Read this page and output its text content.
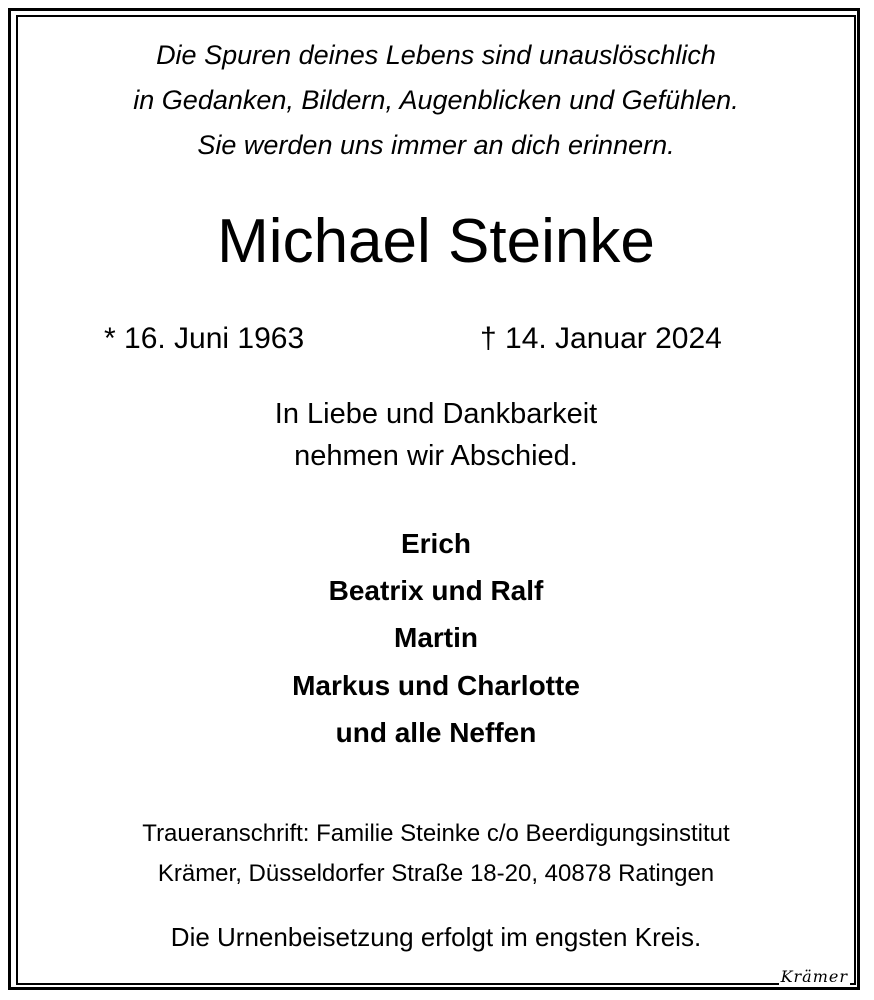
Die Spuren deines Lebens sind unauslöschlich
in Gedanken, Bildern, Augenblicken und Gefühlen.
Sie werden uns immer an dich erinnern.
Michael Steinke
* 16. Juni 1963	† 14. Januar 2024
In Liebe und Dankbarkeit
nehmen wir Abschied.
Erich
Beatrix und Ralf
Martin
Markus und Charlotte
und alle Neffen
Traueranschrift: Familie Steinke c/o Beerdigungsinstitut
Krämer, Düsseldorfer Straße 18-20, 40878 Ratingen
Die Urnenbeisetzung erfolgt im engsten Kreis.
Krämer
